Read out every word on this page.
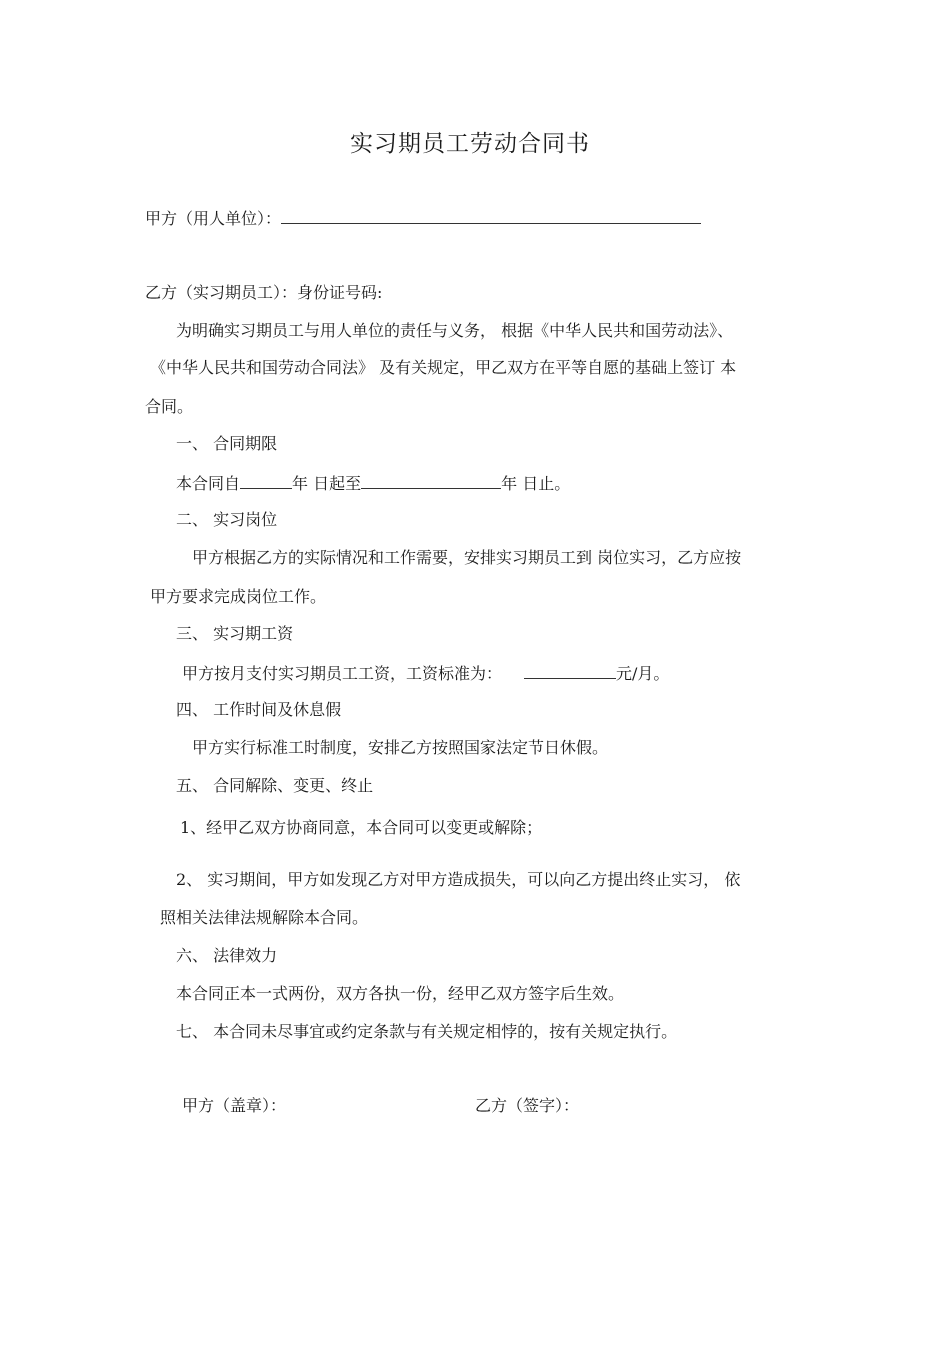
实习期员工劳动合同书
甲方（用人单位）：
乙方（实习期员工）：身份证号码:
为明确实习期员工与用人单位的责任与义务， 根据《中华人民共和国劳动法》、
《中华人民共和国劳动合同法》 及有关规定，甲乙双方在平等自愿的基础上签订 本
合同。
一、 合同期限
本合同自	年 日起至	年 日止。
二、 实习岗位
甲方根据乙方的实际情况和工作需要，安排实习期员工到 岗位实习，乙方应按
甲方要求完成岗位工作。
三、 实习期工资
甲方按月支付实习期员工工资，工资标准为：	元/月。
四、 工作时间及休息假
甲方实行标准工时制度，安排乙方按照国家法定节日休假。
五、 合同解除、变更、终止
1、经甲乙双方协商同意，本合同可以变更或解除；
2、 实习期间，甲方如发现乙方对甲方造成损失，可以向乙方提出终止实习， 依
照相关法律法规解除本合同。
六、 法律效力
本合同正本一式两份，双方各执一份，经甲乙双方签字后生效。
七、 本合同未尽事宜或约定条款与有关规定相悖的，按有关规定执行。
甲方（盖章）：	乙方（签字）：
